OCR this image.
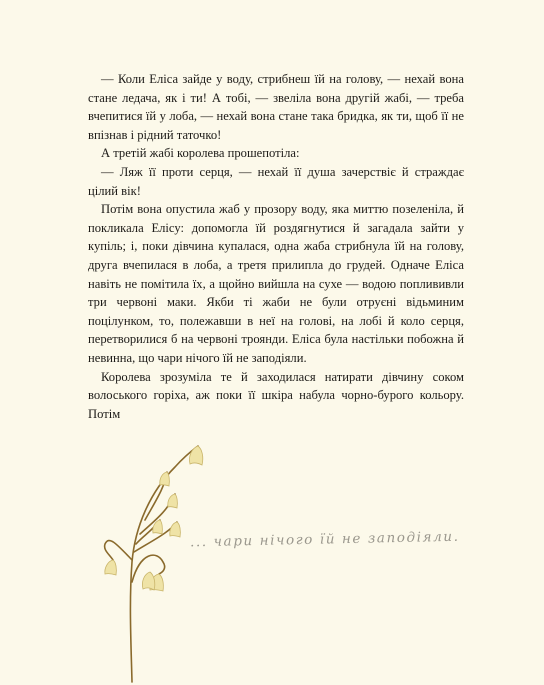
— Коли Еліса зайде у воду, стрибнеш їй на голову, — нехай вона стане ледача, як і ти! А тобі, — звеліла вона другій жабі, — треба вчепитися їй у лоба, — нехай вона стане така бридка, як ти, щоб її не впізнав і рідний таточко!

А третій жабі королева прошепотіла:

— Ляж її проти серця, — нехай її душа зачерствіє й страждає цілий вік!

Потім вона опустила жаб у прозору воду, яка миттю позеленіла, й покликала Елісу: допомогла їй роздягнутися й загадала зайти у купіль; і, поки дівчина купалася, одна жаба стрибнула їй на голову, друга вчепилася в лоба, а третя прилипла до грудей. Одначе Еліса навіть не помітила їх, а щойно вийшла на сухе — водою поплививли три червоні маки. Якби ті жаби не були отруєні відьминим поцілунком, то, полежавши в неї на голові, на лобі й коло серця, перетворилися б на червоні троянди. Еліса була настільки побожна й невинна, що чари нічого їй не заподіяли.

Королева зрозуміла те й заходилася натирати дівчину соком волоського горіха, аж поки її шкіра набула чорно-бурого кольору. Потім

... чари нічого їй не заподіяли.
